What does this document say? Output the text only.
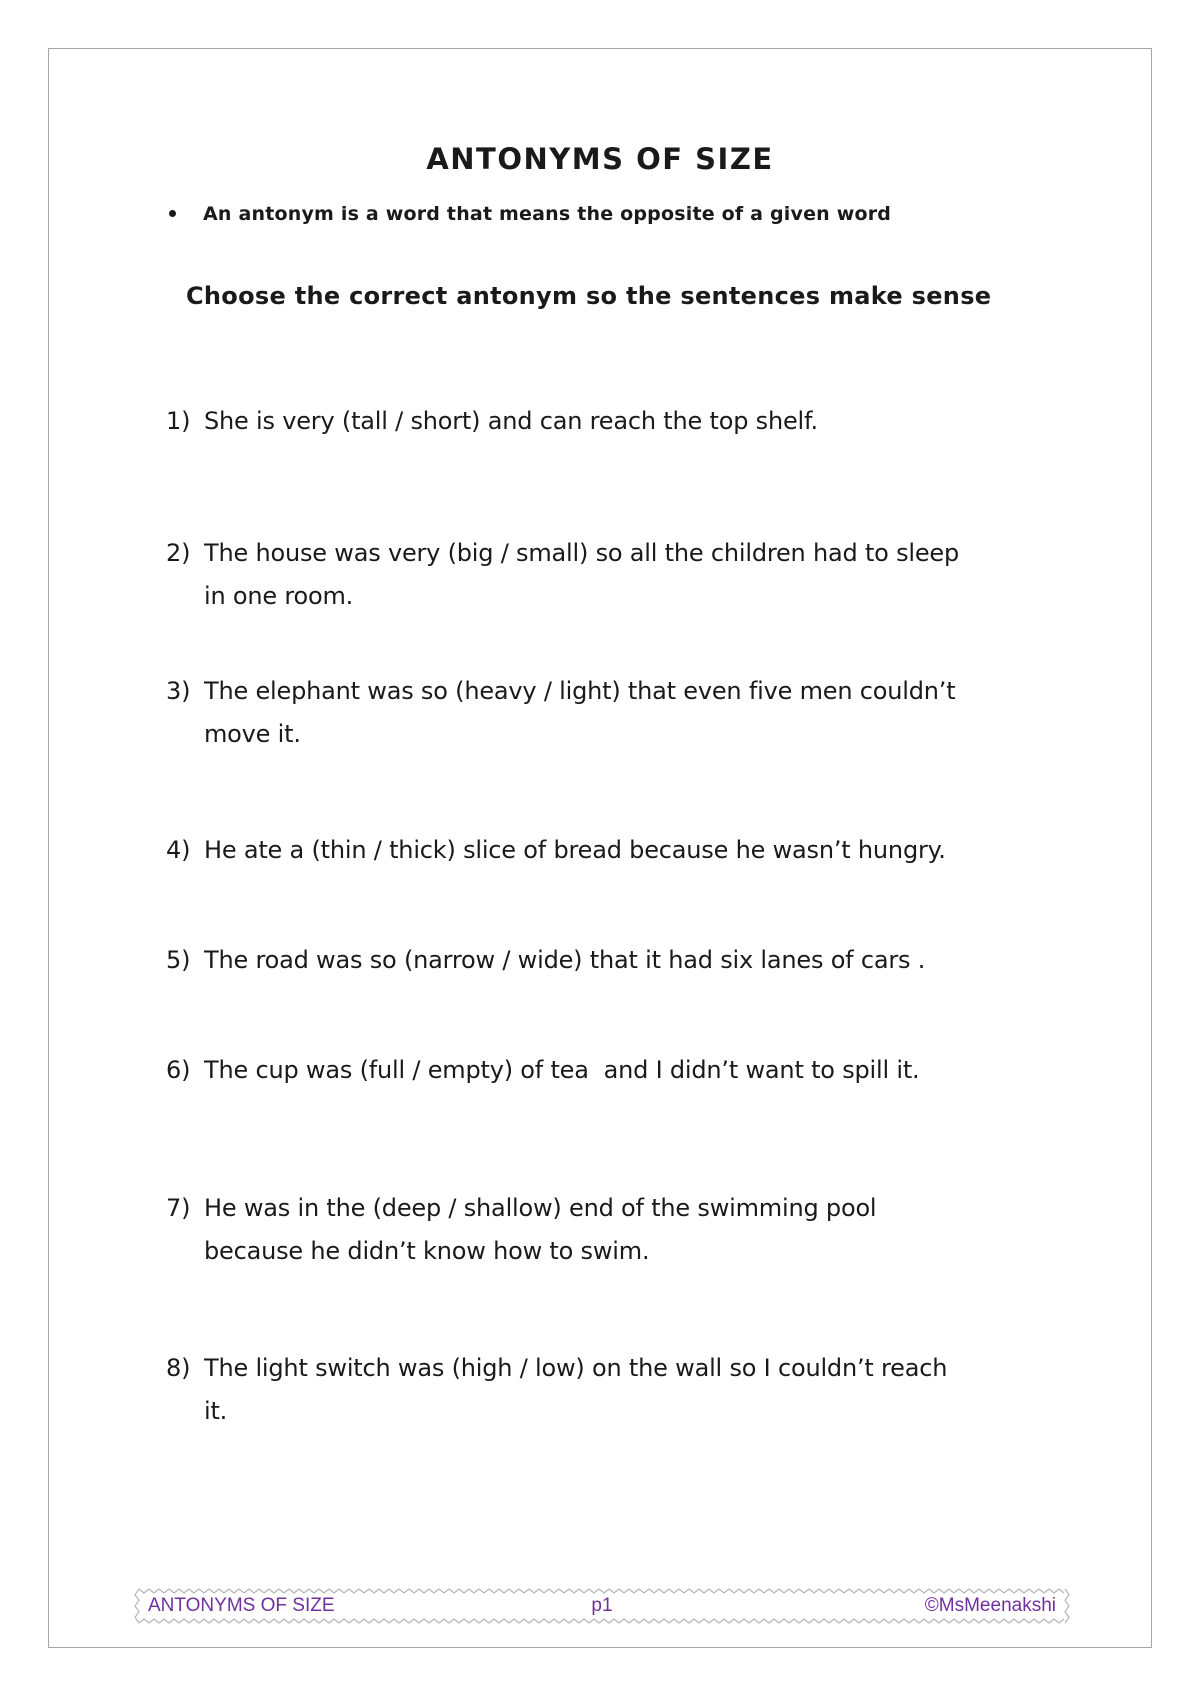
ANTONYMS OF SIZE
An antonym is a word that means the opposite of a given word
Choose the correct antonym so the sentences make sense
1) She is very (tall / short) and can reach the top shelf.
2) The house was very (big / small) so all the children had to sleep
in one room.
3) The elephant was so (heavy / light) that even five men couldn’t
move it.
4) He ate a (thin / thick) slice of bread because he wasn’t hungry.
5) The road was so (narrow / wide) that it had six lanes of cars .
6) The cup was (full / empty) of tea  and I didn’t want to spill it.
7) He was in the (deep / shallow) end of the swimming pool
because he didn’t know how to swim.
8) The light switch was (high / low) on the wall so I couldn’t reach
it.
ANTONYMS OF SIZE	p1	©MsMeenakshi
